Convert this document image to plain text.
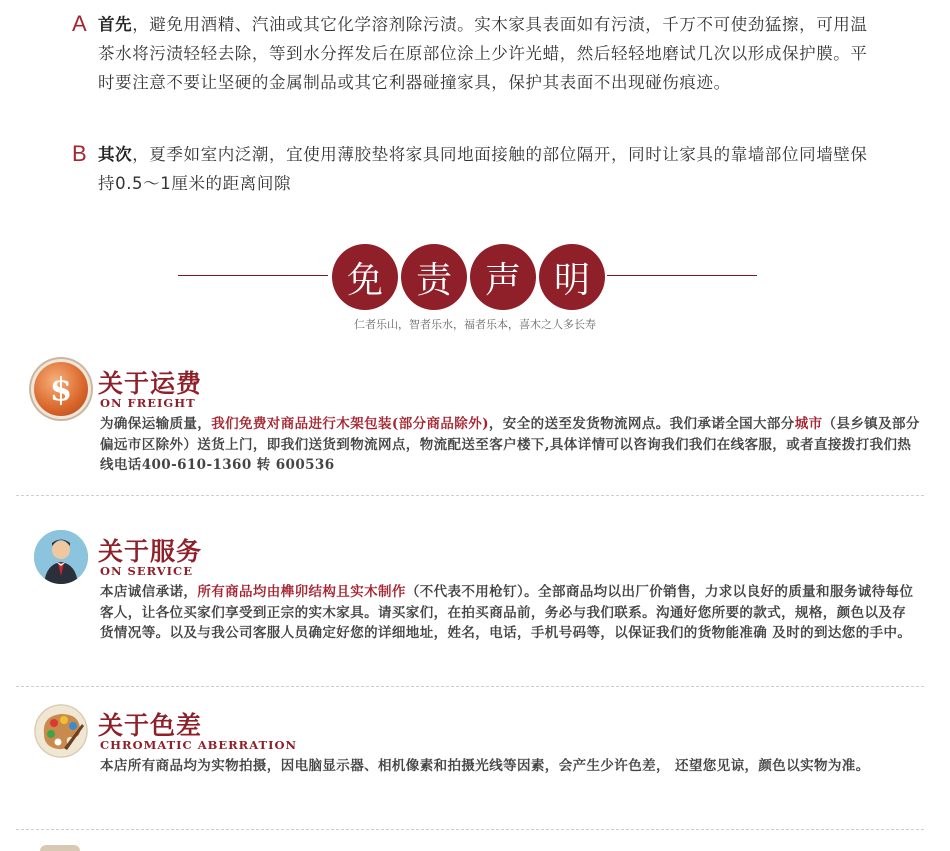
A 首先，避免用酒精、汽油或其它化学溶剂除污渍。实木家具表面如有污渍，千万不可使劲猛擦，可用温茶水将污渍轻轻去除，等到水分挥发后在原部位涂上少许光蜡，然后轻轻地磨试几次以形成保护膜。平时要注意不要让坚硬的金属制品或其它利器碰撞家具，保护其表面不出现碰伤痕迹。
B 其次，夏季如室内泛潮，宜使用薄胶垫将家具同地面接触的部位隔开，同时让家具的靠墙部位同墙壁保持0.5～1厘米的距离间隙
免 责 声 明
仁者乐山，智者乐水，福者乐本，喜木之人多长寿
$ 关于运费
ON FREIGHT
为确保运输质量，我们免费对商品进行木架包装(部分商品除外)，安全的送至发货物流网点。我们承诺全国大部分城市（县乡镇及部分偏远市区除外）送货上门，即我们送货到物流网点，物流配送至客户楼下,具体详情可以咨询我们我们在线客服，或者直接拨打我们热线电话400-610-1360 转 600536
关于服务
ON SERVICE
本店诚信承诺，所有商品均由榫卯结构且实木制作（不代表不用枪钉）。全部商品均以出厂价销售，力求以良好的质量和服务诚待每位客人，让各位买家们享受到正宗的实木家具。请买家们，在拍买商品前，务必与我们联系。沟通好您所要的款式，规格，颜色以及存货情况等。以及与我公司客服人员确定好您的详细地址，姓名，电话，手机号码等，以保证我们的货物能准确 及时的到达您的手中。
关于色差
CHROMATIC ABERRATION
本店所有商品均为实物拍摄，因电脑显示器、相机像素和拍摄光线等因素，会产生少许色差， 还望您见谅，颜色以实物为准。
